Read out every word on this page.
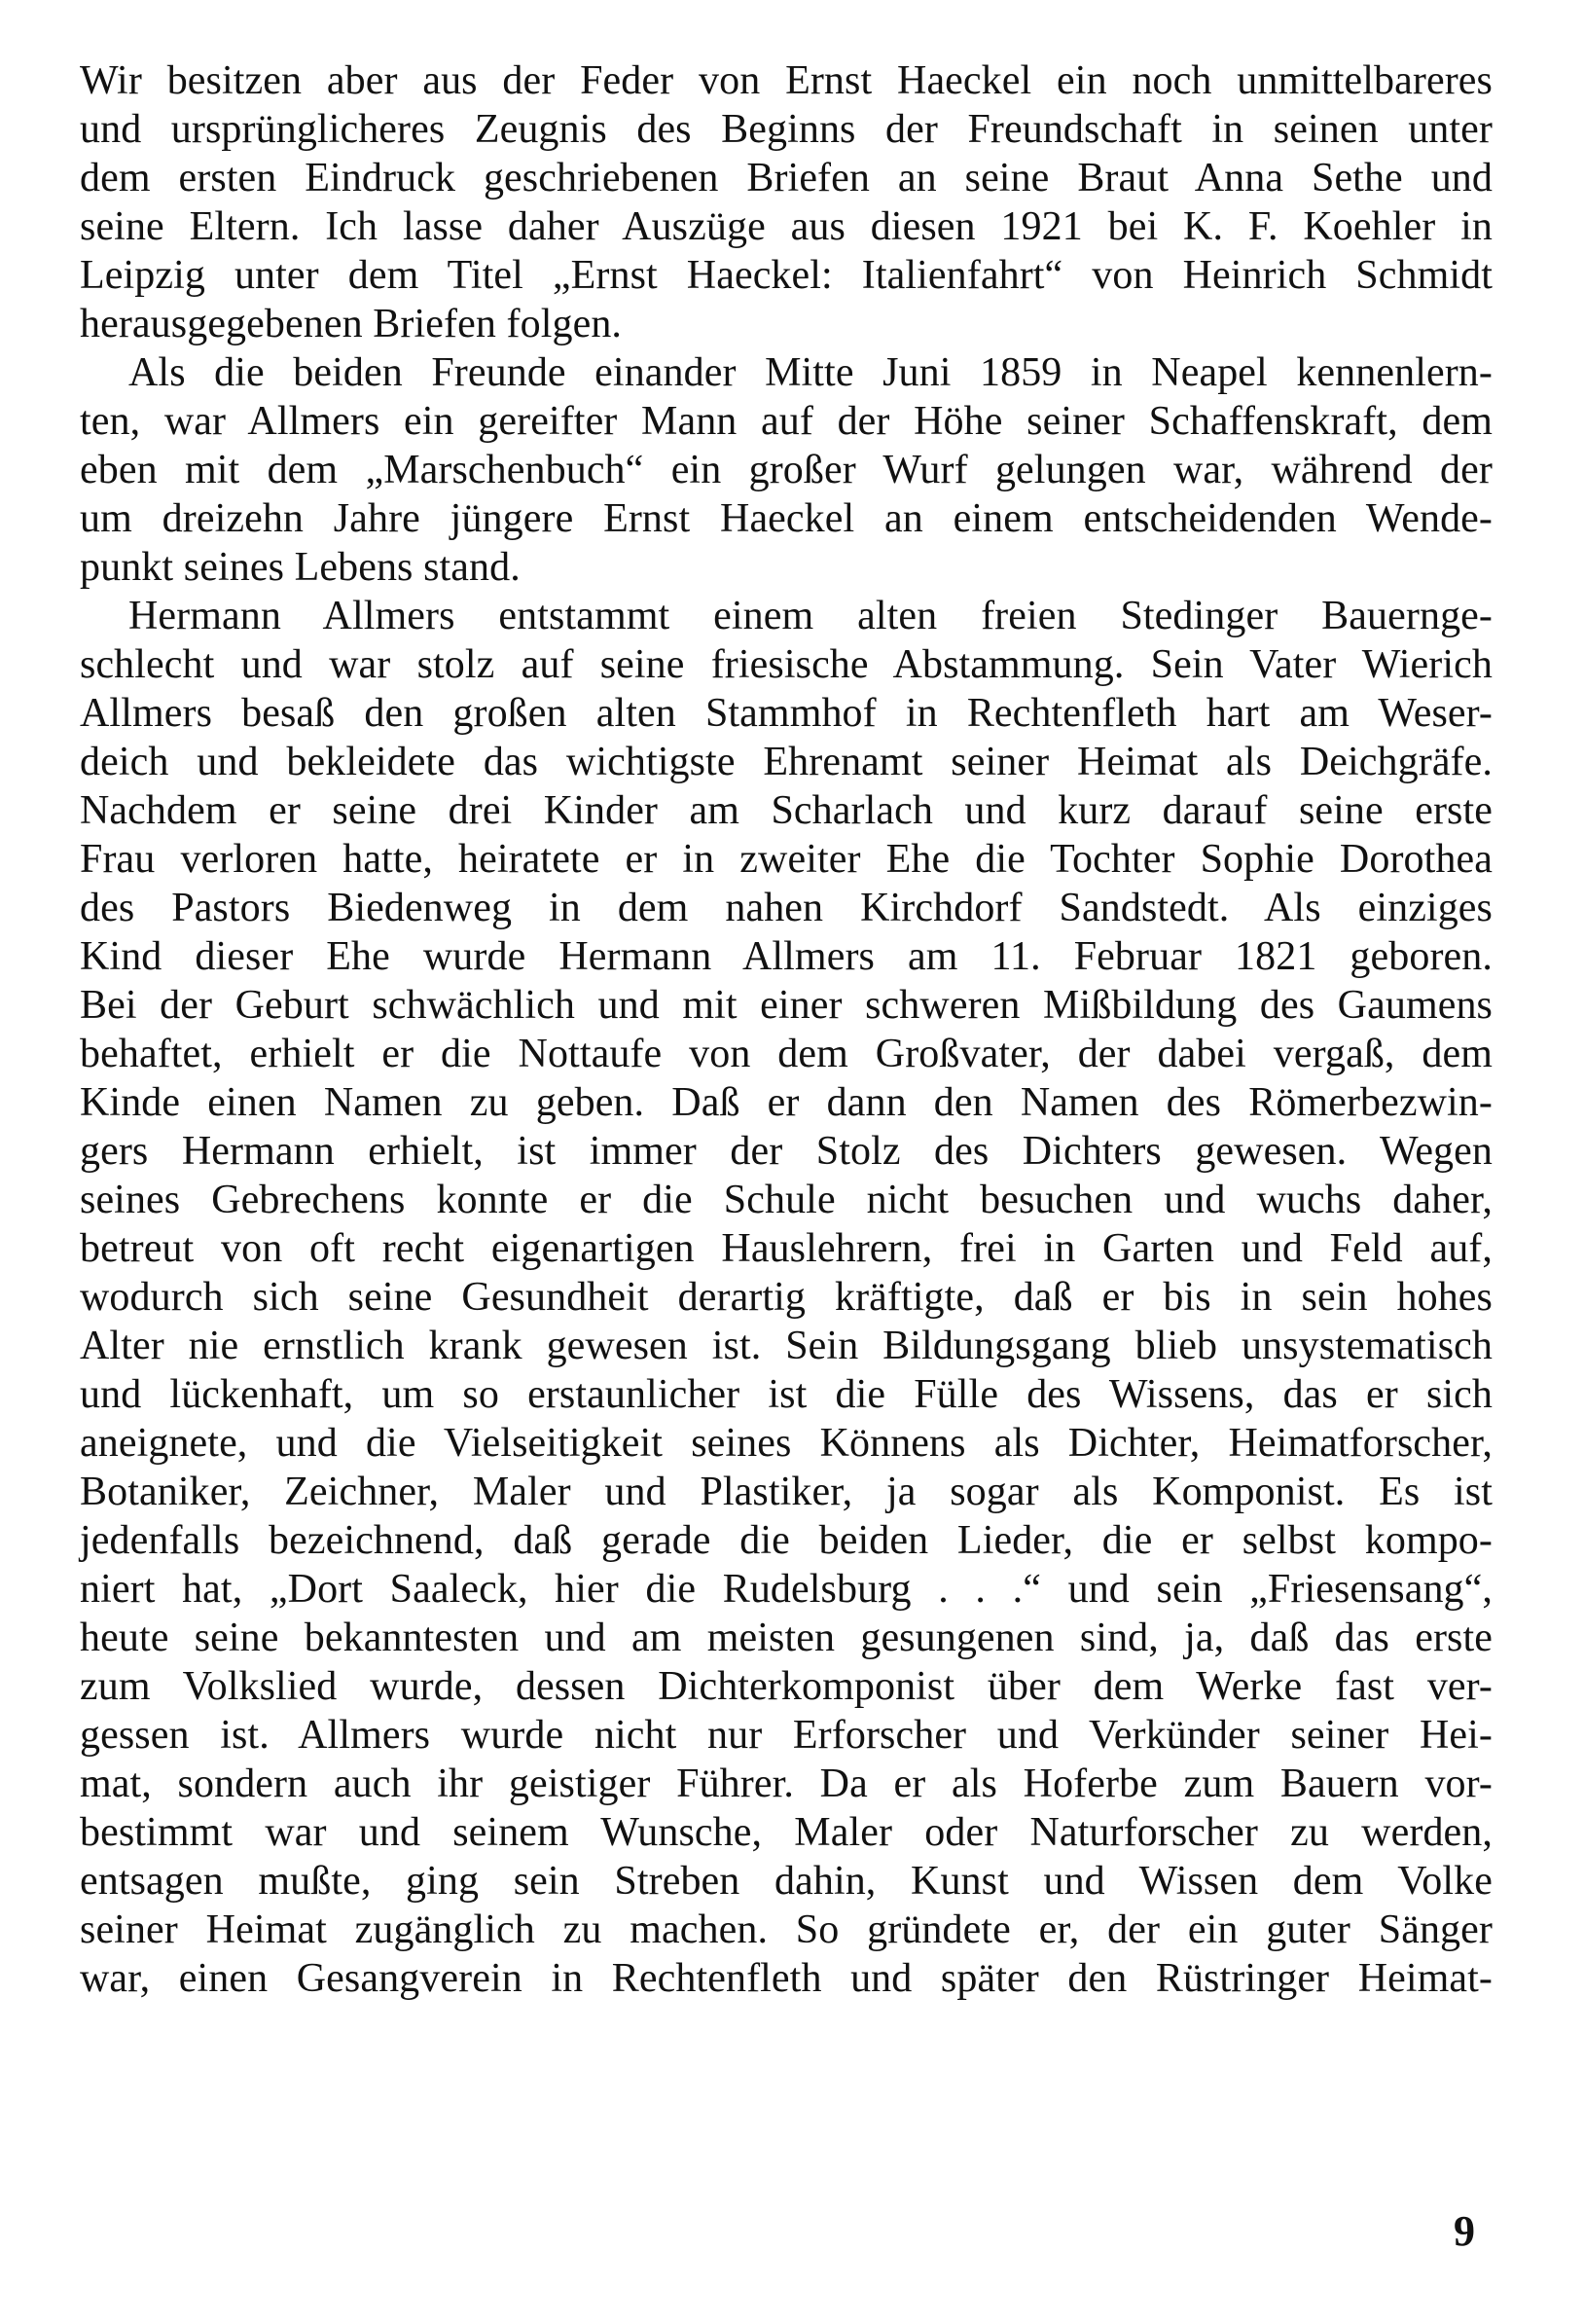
Wir besitzen aber aus der Feder von Ernst Haeckel ein noch unmittelbareres
und ursprünglicheres Zeugnis des Beginns der Freundschaft in seinen unter
dem ersten Eindruck geschriebenen Briefen an seine Braut Anna Sethe und
seine Eltern. Ich lasse daher Auszüge aus diesen 1921 bei K. F. Koehler in
Leipzig unter dem Titel „Ernst Haeckel: Italienfahrt“ von Heinrich Schmidt
herausgegebenen Briefen folgen.
Als die beiden Freunde einander Mitte Juni 1859 in Neapel kennenlern-
ten, war Allmers ein gereifter Mann auf der Höhe seiner Schaffenskraft, dem
eben mit dem „Marschenbuch“ ein großer Wurf gelungen war, während der
um dreizehn Jahre jüngere Ernst Haeckel an einem entscheidenden Wende-
punkt seines Lebens stand.
Hermann Allmers entstammt einem alten freien Stedinger Bauernge-
schlecht und war stolz auf seine friesische Abstammung. Sein Vater Wierich
Allmers besaß den großen alten Stammhof in Rechtenfleth hart am Weser-
deich und bekleidete das wichtigste Ehrenamt seiner Heimat als Deichgräfe.
Nachdem er seine drei Kinder am Scharlach und kurz darauf seine erste
Frau verloren hatte, heiratete er in zweiter Ehe die Tochter Sophie Dorothea
des Pastors Biedenweg in dem nahen Kirchdorf Sandstedt. Als einziges
Kind dieser Ehe wurde Hermann Allmers am 11. Februar 1821 geboren.
Bei der Geburt schwächlich und mit einer schweren Mißbildung des Gaumens
behaftet, erhielt er die Nottaufe von dem Großvater, der dabei vergaß, dem
Kinde einen Namen zu geben. Daß er dann den Namen des Römerbezwin-
gers Hermann erhielt, ist immer der Stolz des Dichters gewesen. Wegen
seines Gebrechens konnte er die Schule nicht besuchen und wuchs daher,
betreut von oft recht eigenartigen Hauslehrern, frei in Garten und Feld auf,
wodurch sich seine Gesundheit derartig kräftigte, daß er bis in sein hohes
Alter nie ernstlich krank gewesen ist. Sein Bildungsgang blieb unsystematisch
und lückenhaft, um so erstaunlicher ist die Fülle des Wissens, das er sich
aneignete, und die Vielseitigkeit seines Könnens als Dichter, Heimatforscher,
Botaniker, Zeichner, Maler und Plastiker, ja sogar als Komponist. Es ist
jedenfalls bezeichnend, daß gerade die beiden Lieder, die er selbst kompo-
niert hat, „Dort Saaleck, hier die Rudelsburg . . .“ und sein „Friesensang“,
heute seine bekanntesten und am meisten gesungenen sind, ja, daß das erste
zum Volkslied wurde, dessen Dichterkomponist über dem Werke fast ver-
gessen ist. Allmers wurde nicht nur Erforscher und Verkünder seiner Hei-
mat, sondern auch ihr geistiger Führer. Da er als Hoferbe zum Bauern vor-
bestimmt war und seinem Wunsche, Maler oder Naturforscher zu werden,
entsagen mußte, ging sein Streben dahin, Kunst und Wissen dem Volke
seiner Heimat zugänglich zu machen. So gründete er, der ein guter Sänger
war, einen Gesangverein in Rechtenfleth und später den Rüstringer Heimat-
9
